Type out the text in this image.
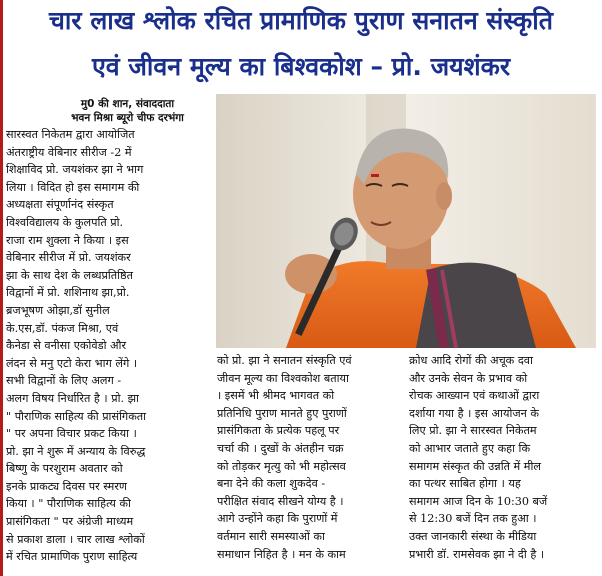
चार लाख श्लोक रचित प्रामाणिक पुराण सनातन संस्कृति
एवं जीवन मूल्य का बिश्वकोश – प्रो. जयशंकर
मु0 की शान, संवाददाता
भवन मिश्रा ब्यूरो चीफ दरभंगा
सारस्वत निकेतम द्वारा आयोजित
अंतराष्ट्रीय वेबिनार सीरीज -2 में
शिक्षाविद प्रो. जयशंकर झा ने भाग
लिया । विदित हो इस समागम की
अध्यक्षता संपूर्णानंद संस्कृत
विश्वविद्यालय के कुलपति प्रो.
राजा राम शुक्ला ने किया । इस
वेबिनार सीरीज में प्रो. जयशंकर
झा के साथ देश के लब्धप्रतिष्ठित
विद्वानों में प्रो. शशिनाथ झा,प्रो.
ब्रजभूषण ओझा,डॉ सुनील
के.एस,डॉ. पंकज मिश्रा, एवं
कैनेडा से वनीसा एकोवेडो और
लंदन से मनु एटो केरा भाग लेंगे ।
सभी विद्वानों के लिए अलग -
अलग विषय निर्धारित है । प्रो. झा
" पौराणिक साहित्य की प्रासंगिकता
" पर अपना विचार प्रकट किया ।
प्रो. झा ने शुरू में अन्याय के विरुद्ध
बिष्णु के परशुराम अवतार को
इनके प्राकट्य दिवस पर स्मरण
किया । " पौराणिक साहित्य की
प्रासंगिकता " पर अंग्रेजी माध्यम
से प्रकाश डाला । चार लाख श्लोकों
में रचित प्रामाणिक पुराण साहित्य
को प्रो. झा ने सनातन संस्कृति एवं
जीवन मूल्य का विश्वकोश बताया
। इसमें भी श्रीमद भागवत को
प्रतिनिधि पुराण मानते हुए पुराणों
प्रासंगिकता के प्रत्येक पहलू पर
चर्चा की । दुखों के अंतहीन चक्र
को तोड़कर मृत्यु को भी महोत्सव
बना देने की कला शुकदेव -
परीक्षित संवाद सीखने योग्य है ।
आगे उन्होंने कहा कि पुराणों में
वर्तमान सारी समस्याओं का
समाधान निहित है । मन के काम
क्रोध आदि रोगों की अचूक दवा
और उनके सेवन के प्रभाव को
रोचक आख्यान एवं कथाओं द्वारा
दर्शाया गया है । इस आयोजन के
लिए प्रो. झा ने सारस्वत निकेतम
को आभार जताते हुए कहा कि
समागम संस्कृत की उन्नति में मील
का पत्थर साबित होगा । यह
समागम आज दिन के 10:30 बजें
से 12:30 बजें दिन तक हुआ ।
उक्त जानकारी संस्था के मीडिया
प्रभारी डॉ. रामसेवक झा ने दी है ।
